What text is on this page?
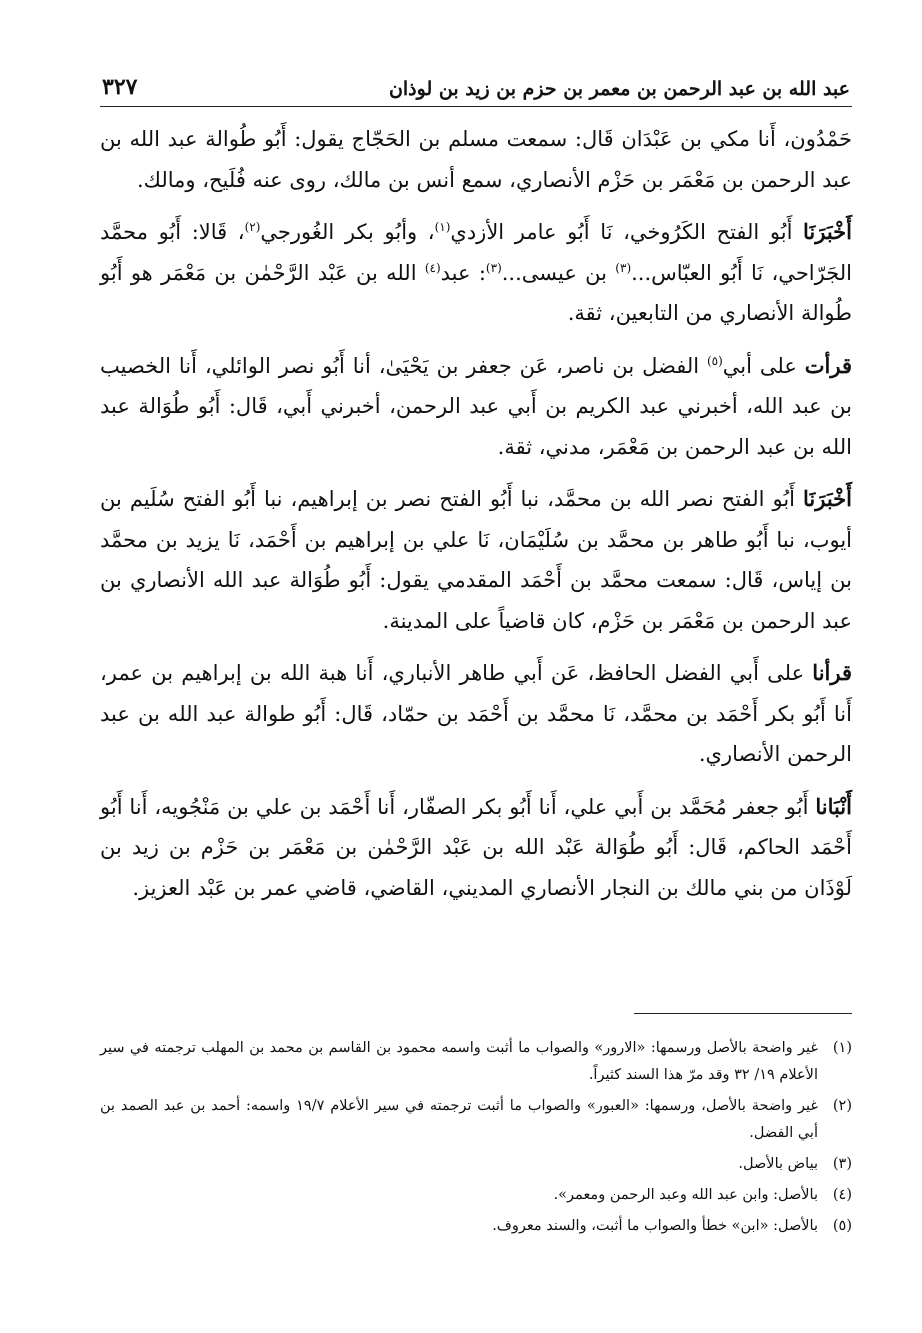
عبد الله بن عبد الرحمن بن معمر بن حزم بن زيد بن لوذان
٣٢٧

حَمْدُون، أَنا مكي بن عَبْدَان قَال: سمعت مسلم بن الحَجّاج يقول: أَبُو طُوالة عبد الله بن عبد الرحمن بن مَعْمَر بن حَزْم الأنصاري، سمع أنس بن مالك، روى عنه فُلَيح، ومالك.

أَخْبَرَنَا أَبُو الفتح الكَرُوخي، نَا أَبُو عامر الأزدي$^{(١)}$، وأبُو بكر الغُورجي$^{(٢)}$، قَالا: أَبُو محمَّد الجَرّاحي، نَا أَبُو العبّاس...$^{(٣)}$ بن عيسى...$^{(٣)}$: عبد$^{(٤)}$ الله بن عَبْد الرَّحْمٰن بن مَعْمَر هو أَبُو طُوالة الأنصاري من التابعين، ثقة.

قرأت على أبي$^{(٥)}$ الفضل بن ناصر، عَن جعفر بن يَحْيَىٰ، أنا أَبُو نصر الوائلي، أَنا الخصيب بن عبد الله، أخبرني عبد الكريم بن أَبي عبد الرحمن، أخبرني أَبي، قَال: أَبُو طُوَالة عبد الله بن عبد الرحمن بن مَعْمَر، مدني، ثقة.

أَخْبَرَنَا أَبُو الفتح نصر الله بن محمَّد، نبا أَبُو الفتح نصر بن إبراهيم، نبا أَبُو الفتح سُلَيم بن أيوب، نبا أَبُو طاهر بن محمَّد بن سُلَيْمَان، نَا علي بن إبراهيم بن أَحْمَد، نَا يزيد بن محمَّد بن إياس، قَال: سمعت محمَّد بن أَحْمَد المقدمي يقول: أَبُو طُوَالة عبد الله الأنصاري بن عبد الرحمن بن مَعْمَر بن حَزْم، كان قاضياً على المدينة.

قرأنا على أَبي الفضل الحافظ، عَن أَبي طاهر الأنباري، أَنا هبة الله بن إبراهيم بن عمر، أَنا أَبُو بكر أَحْمَد بن محمَّد، نَا محمَّد بن أَحْمَد بن حمّاد، قَال: أَبُو طوالة عبد الله بن عبد الرحمن الأنصاري.

أَنْبَانا أَبُو جعفر مُحَمَّد بن أَبي علي، أَنا أَبُو بكر الصفّار، أَنا أَحْمَد بن علي بن مَنْجُويه، أَنا أَبُو أَحْمَد الحاكم، قَال: أَبُو طُوَالة عَبْد الله بن عَبْد الرَّحْمٰن بن مَعْمَر بن حَزْم بن زيد بن لَوْذَان من بني مالك بن النجار الأنصاري المديني، القاضي، قاضي عمر بن عَبْد العزيز.

(١)
غير واضحة بالأصل ورسمها: «الارور» والصواب ما أثبت واسمه محمود بن القاسم بن محمد بن المهلب ترجمته في سير الأعلام ١٩/ ٣٢ وقد مرّ هذا السند كثيراً.
(٢)
غير واضحة بالأصل، ورسمها: «العبور» والصواب ما أثبت ترجمته في سير الأعلام ١٩/٧ واسمه: أحمد بن عبد الصمد بن أبي الفضل.
(٣)
بياض بالأصل.
(٤)
بالأصل: وابن عبد الله وعبد الرحمن ومعمر».
(٥)
بالأصل: «ابن» خطأ والصواب ما أثبت، والسند معروف.
